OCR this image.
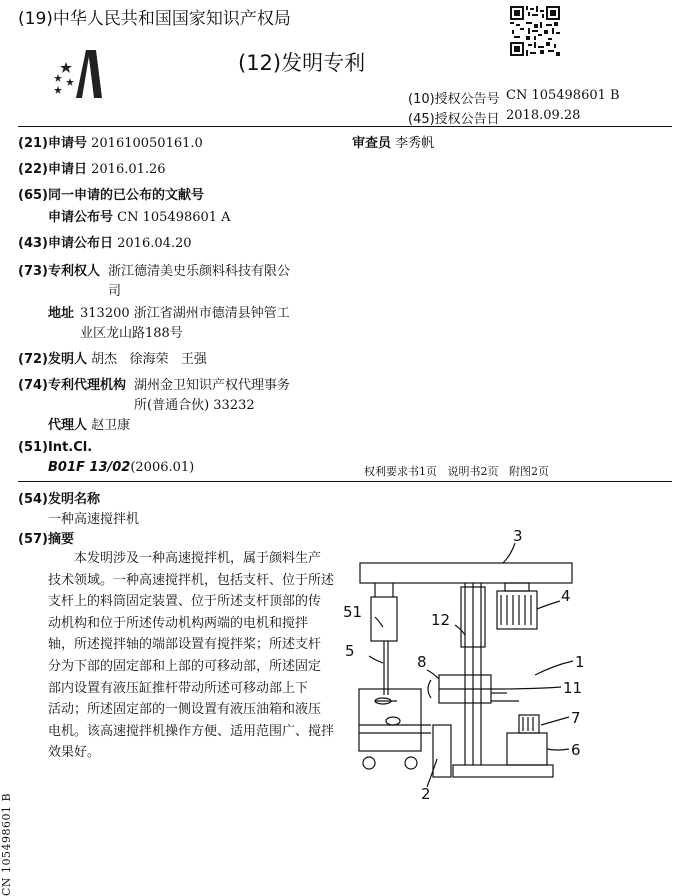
(19)中华人民共和国国家知识产权局
(12)发明专利
(10)授权公告号 CN 105498601 B
(45)授权公告日 2018.09.28
(21)申请号 201610050161.0	审查员 李秀帆
(22)申请日 2016.01.26
(65)同一申请的已公布的文献号
申请公布号 CN 105498601 A
(43)申请公布日 2016.04.20
(73)专利权人 浙江德清美史乐颜料科技有限公
司
地址 313200 浙江省湖州市德清县钟管工
业区龙山路188号
(72)发明人 胡杰   徐海荣   王强
(74)专利代理机构 湖州金卫知识产权代理事务
所(普通合伙) 33232
代理人 赵卫康
(51)Int.Cl.
B01F 13/02(2006.01)	权利要求书1页   说明书2页   附图2页
(54)发明名称
一种高速搅拌机
(57)摘要
本发明涉及一种高速搅拌机，属于颜料生产
技术领域。一种高速搅拌机，包括支杆、位于所述
支杆上的料筒固定装置、位于所述支杆顶部的传
动机构和位于所述传动机构两端的电机和搅拌
轴，所述搅拌轴的端部设置有搅拌桨；所述支杆
分为下部的固定部和上部的可移动部，所述固定
部内设置有液压缸推杆带动所述可移动部上下
活动；所述固定部的一侧设置有液压油箱和液压
电机。该高速搅拌机操作方便、适用范围广、搅拌
效果好。
3
4
51	12
5
8	1
11
7
6
2
CN 105498601 B
